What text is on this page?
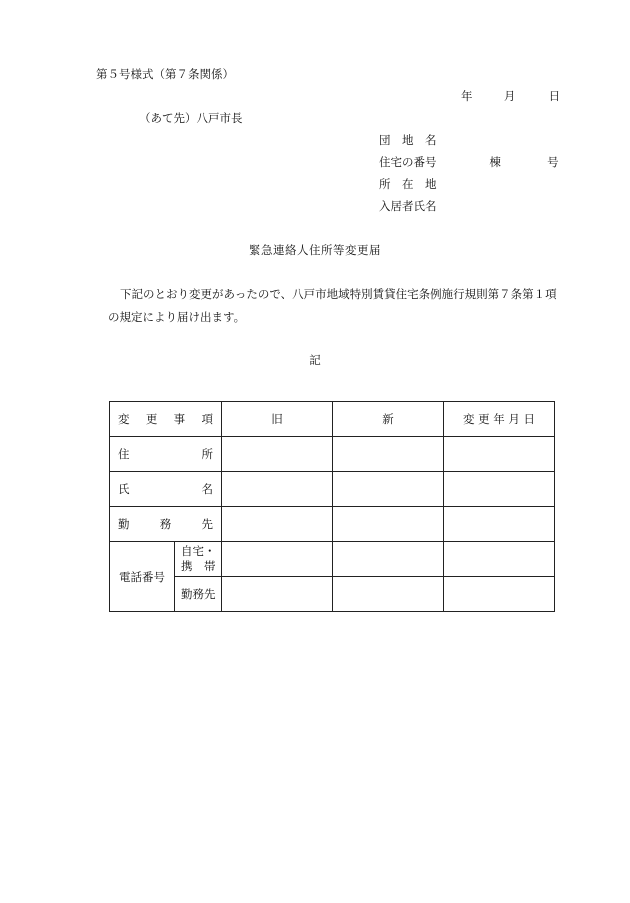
第５号様式（第７条関係）
年	月	日
（あて先）八戸市長
団　地　名
住宅の番号	棟	号
所　在　地
入居者氏名
緊急連絡人住所等変更届
下記のとおり変更があったので、八戸市地域特別賃貸住宅条例施行規則第７条第１項
の規定により届け出ます。
記
変 更 事 項		旧	新	変 更 年 月 日

住 所				

氏 名				

勤 務 先				

電話番号	自宅・
携　帯			

	勤務先			
